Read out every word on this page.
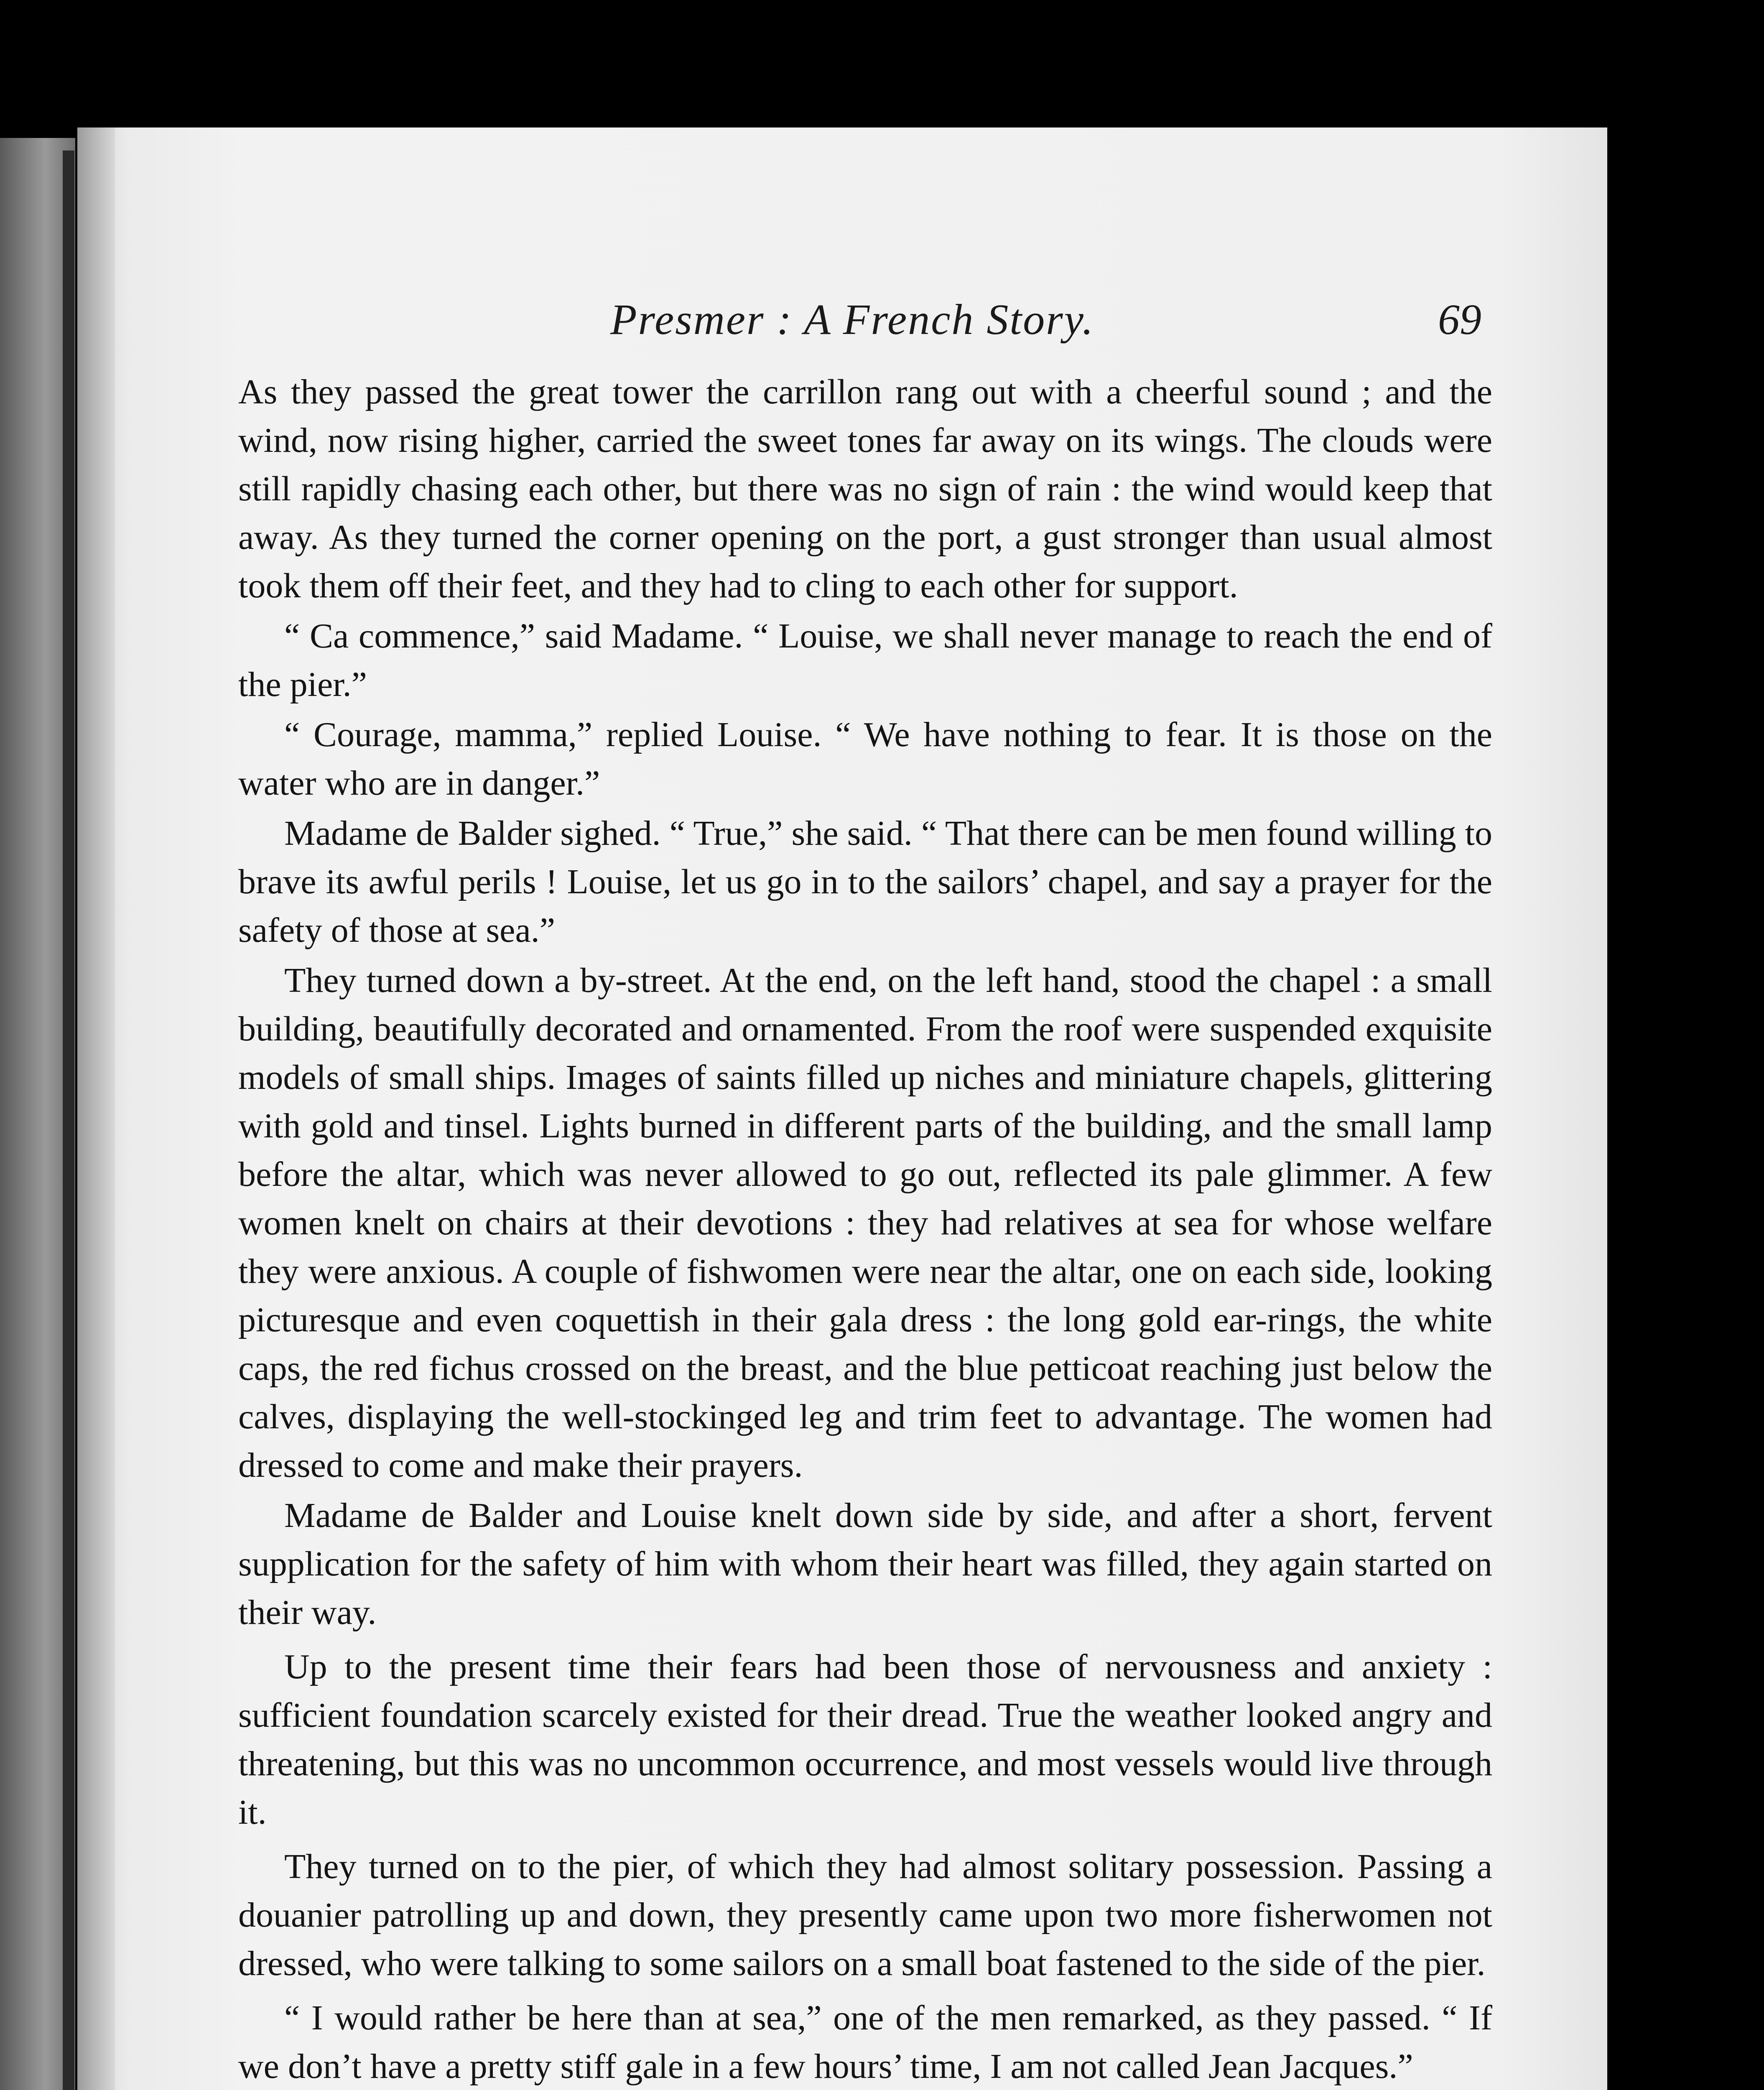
Presmer : A French Story.	69

As they passed the great tower the carrillon rang out with a cheerful sound ; and the wind, now rising higher, carried the sweet tones far away on its wings. The clouds were still rapidly chasing each other, but there was no sign of rain : the wind would keep that away. As they turned the corner opening on the port, a gust stronger than usual almost took them off their feet, and they had to cling to each other for support.

“ Ca commence,” said Madame. “ Louise, we shall never manage to reach the end of the pier.”

“ Courage, mamma,” replied Louise. “ We have nothing to fear. It is those on the water who are in danger.”

Madame de Balder sighed. “ True,” she said. “ That there can be men found willing to brave its awful perils ! Louise, let us go in to the sailors’ chapel, and say a prayer for the safety of those at sea.”

They turned down a by-street. At the end, on the left hand, stood the chapel : a small building, beautifully decorated and ornamented. From the roof were suspended exquisite models of small ships. Images of saints filled up niches and miniature chapels, glittering with gold and tinsel. Lights burned in different parts of the building, and the small lamp before the altar, which was never allowed to go out, reflected its pale glimmer. A few women knelt on chairs at their devotions : they had relatives at sea for whose welfare they were anxious. A couple of fishwomen were near the altar, one on each side, looking picturesque and even coquettish in their gala dress : the long gold ear-rings, the white caps, the red fichus crossed on the breast, and the blue petticoat reaching just below the calves, displaying the well-stockinged leg and trim feet to advantage. The women had dressed to come and make their prayers.

Madame de Balder and Louise knelt down side by side, and after a short, fervent supplication for the safety of him with whom their heart was filled, they again started on their way.

Up to the present time their fears had been those of nervousness and anxiety : sufficient foundation scarcely existed for their dread. True the weather looked angry and threatening, but this was no uncommon occurrence, and most vessels would live through it.

They turned on to the pier, of which they had almost solitary possession. Passing a douanier patrolling up and down, they presently came upon two more fisherwomen not dressed, who were talking to some sailors on a small boat fastened to the side of the pier.

“ I would rather be here than at sea,” one of the men remarked, as they passed. “ If we don’t have a pretty stiff gale in a few hours’ time, I am not called Jean Jacques.”
